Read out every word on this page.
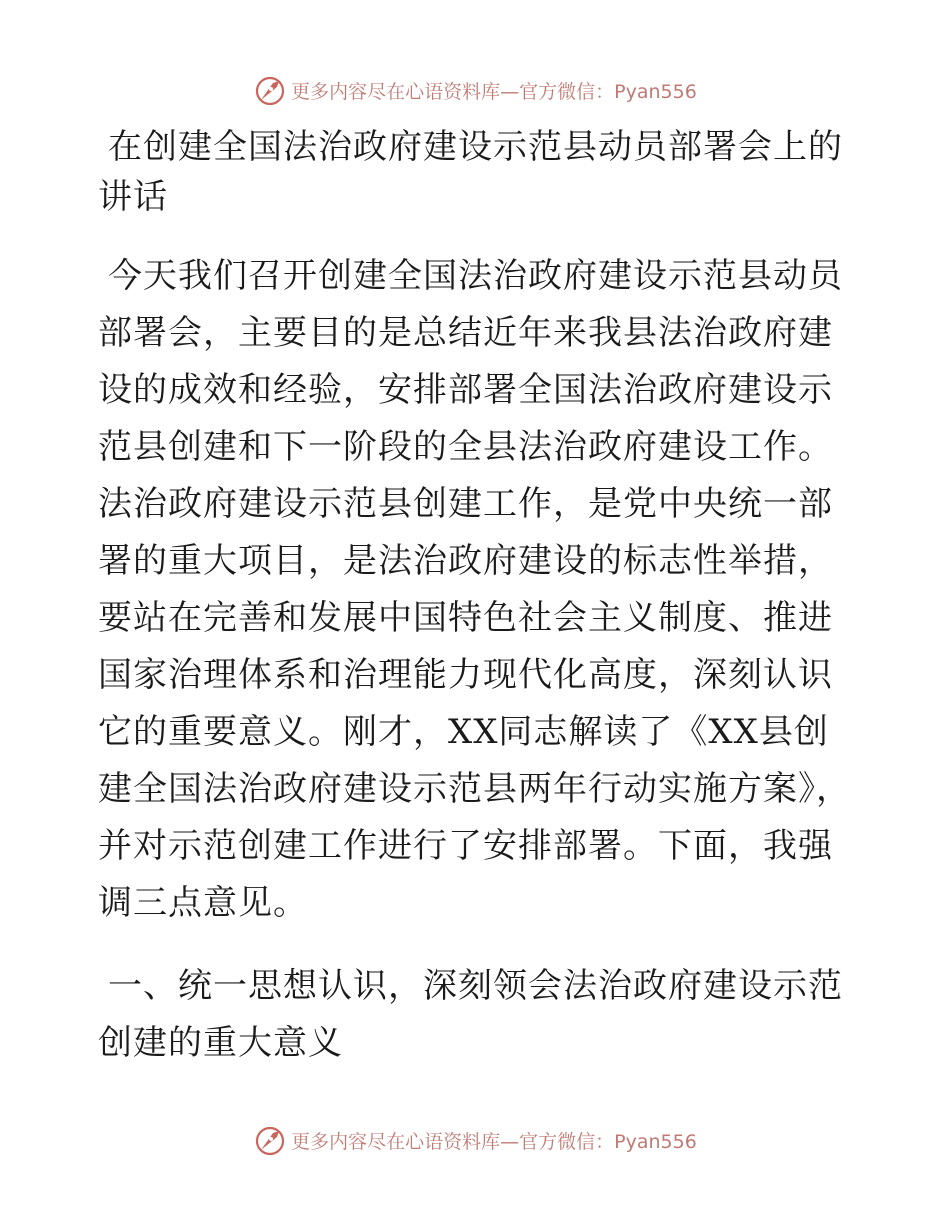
更多内容尽在心语资料库—官方微信：Pyan556
在创建全国法治政府建设示范县动员部署会上的讲话

今天我们召开创建全国法治政府建设示范县动员部署会，主要目的是总结近年来我县法治政府建设的成效和经验，安排部署全国法治政府建设示范县创建和下一阶段的全县法治政府建设工作。法治政府建设示范县创建工作，是党中央统一部署的重大项目，是法治政府建设的标志性举措，要站在完善和发展中国特色社会主义制度、推进国家治理体系和治理能力现代化高度，深刻认识它的重要意义。刚才，XX同志解读了《XX县创建全国法治政府建设示范县两年行动实施方案》，并对示范创建工作进行了安排部署。下面，我强调三点意见。

一、统一思想认识，深刻领会法治政府建设示范创建的重大意义
更多内容尽在心语资料库—官方微信：Pyan556
